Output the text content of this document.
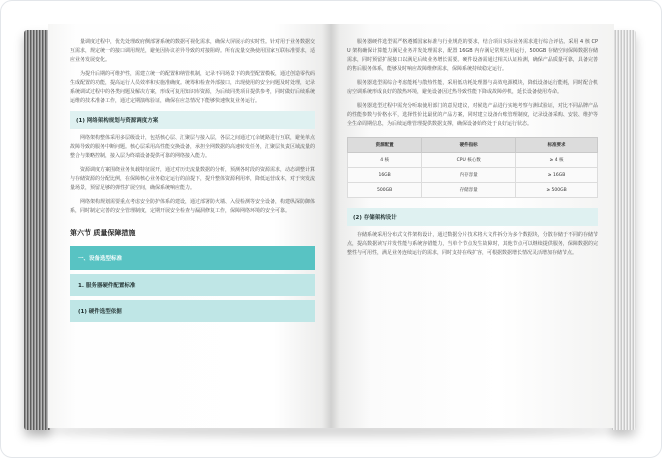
量调度过程中，优先处理政府侧部署系统的数据可视化需求，确保大屏展示的实时性。针对用于业务数据交互需求，规定统一的接口调用规范，避免因协议差异导致的对接阻碍。所有流量交换使用国家互联标准要求，适应业务发展变化。

为提升后期的可维护性，需建立统一的配置和纳管机制，记录不同场景下的典型配置模板，通过创造零代码生成配置的功能，提高运行人员效率和实施准确度。统筹和检查外部接口，出现使用的安全问题及时处理，记录系统调试过程中的各类问题及解决方案，形成可复用知识库资源，为后续同类项目提供参考，同时做好后续系统运维的技术准备工作，通过定期演练验证，确保在应急情况下能够快速恢复业务运行。

(1) 网络架构规划与资源调度方案

网络架构整体采用多层级设计，包括核心层、汇聚层与接入层，各层之间通过冗余链路进行互联，避免单点故障导致的服务中断问题。核心层采用高性能交换设备，承担全网数据的高速转发任务，汇聚层负责区域流量的整合与策略控制，接入层为终端设备提供可靠的网络接入能力。

资源调度方案围绕业务负载特征展开，通过对历史流量数据的分析，预测各时段的资源需求，动态调整计算与存储资源的分配比例，在保障核心业务稳定运行的前提下，提升整体资源利用率，降低运营成本，对于突发流量场景，预留足够的弹性扩展空间，确保系统响应能力。

网络架构规划需要重点考虑安全防护体系的建设，通过部署防火墙、入侵检测等安全设备，构建纵深防御体系，同时制定完善的安全管理制度，定期开展安全检查与漏洞修复工作，保障网络环境的安全可靠。

第六节 质量保障措施
一、设备选型标准
1. 服务器硬件配置标准
(1) 硬件选型依据

服务器硬件选型需严格遵循国家标准与行业规范的要求，结合项目实际业务需求进行综合评估。采用 4 核 CPU 架构确保计算能力满足业务并发处理需求，配置 16GB 内存满足常规应用运行，500GB 存储空间保障数据存储需求，同时预留扩展接口以满足后续业务增长需要。硬件设备需通过相关认证检测，确保产品质量可靠，具备完善的售后服务体系，能够及时响应故障维修需求，保障系统持续稳定运行。

服务器选型需综合考虑能耗与散热性能，采用低功耗处理器与高效电源模块，降低设备运行能耗，同时配合机房空调系统形成良好的散热环境，避免设备因过热导致性能下降或故障停机，延长设备使用寿命。

服务器选型过程中需充分听取使用部门的意见建议，对候选产品进行实地考察与测试验证，对比不同品牌产品的性能参数与价格水平，选择性价比最优的产品方案，同时建立设备台账管理制度，记录设备采购、安装、维护等全生命周期信息，为后续运维管理提供数据支撑，确保设备始终处于良好运行状态。

资源配置	硬件指标	标准要求
4 核	CPU 核心数	≥ 4 核
16GB	内存容量	≥ 16GB
500GB	存储容量	≥ 500GB
(2) 存储架构设计

存储系统采用分布式文件架构设计，通过数据分片技术将大文件拆分为多个数据块，分散存储于不同的存储节点，提高数据读写并发性能与系统容错能力，当单个节点发生故障时，其他节点可以继续提供服务，保障数据的完整性与可用性，满足业务连续运行的需求，同时支持在线扩容，可根据数据增长情况灵活增加存储节点。
